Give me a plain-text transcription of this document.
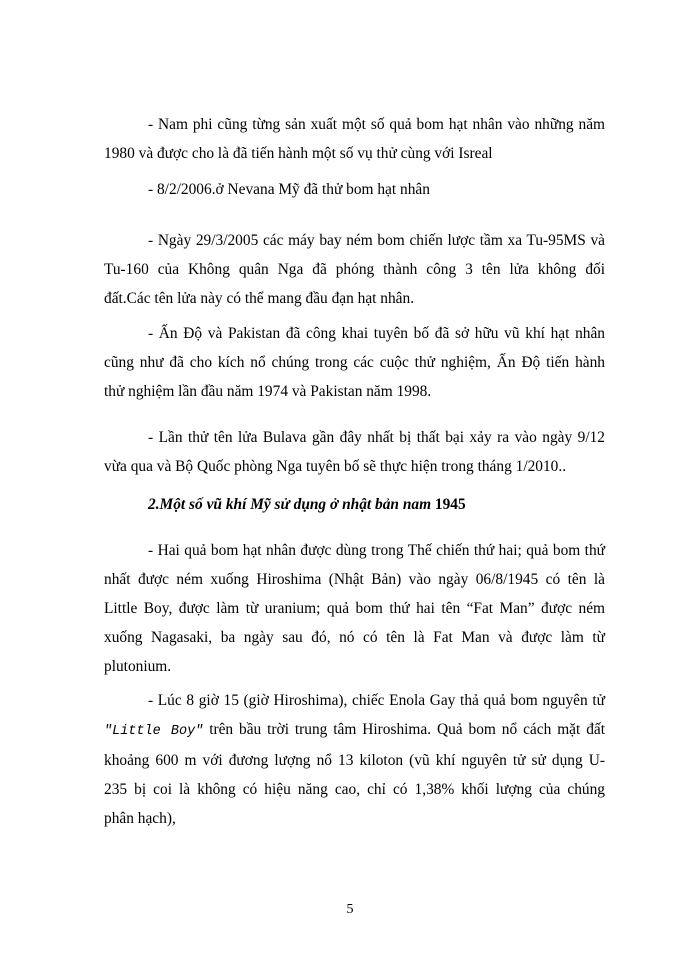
- Nam phi cũng từng sản xuất một số quả bom hạt nhân vào những năm
1980 và được cho là đã tiến hành một số vụ thử cùng với Isreal

- 8/2/2006.ở Nevana Mỹ đã thử bom hạt nhân

- Ngày 29/3/2005 các máy bay ném bom chiến lược tầm xa Tu-95MS và
Tu-160 của Không quân Nga đã phóng thành công 3 tên lửa không đối
đất.Các tên lửa này có thể mang đầu đạn hạt nhân.

- Ấn Độ và Pakistan đã công khai tuyên bố đã sở hữu vũ khí hạt nhân
cũng như đã cho kích nổ chúng trong các cuộc thử nghiệm, Ấn Độ tiến hành
thử nghiệm lần đầu năm 1974 và Pakistan năm 1998.

- Lần thử tên lửa Bulava gần đây nhất bị thất bại xảy ra vào ngày 9/12
vừa qua và Bộ Quốc phòng Nga tuyên bố sẽ thực hiện trong tháng 1/2010..

2.Một số vũ khí Mỹ sử dụng ở nhật bản nam 1945

- Hai quả bom hạt nhân được dùng trong Thế chiến thứ hai; quả bom thứ
nhất được ném xuống Hiroshima (Nhật Bản) vào ngày 06/8/1945 có tên là
Little Boy, được làm từ uranium; quả bom thứ hai tên “Fat Man” được ném
xuống Nagasaki, ba ngày sau đó, nó có tên là Fat Man và được làm từ
plutonium.

- Lúc 8 giờ 15 (giờ Hiroshima), chiếc Enola Gay thả quả bom nguyên tử
"Little Boy" trên bầu trời trung tâm Hiroshima. Quả bom nổ cách mặt đất
khoảng 600 m với đương lượng nổ 13 kiloton (vũ khí nguyên tử sử dụng U-
235 bị coi là không có hiệu năng cao, chỉ có 1,38% khối lượng của chúng
phân hạch),

5
